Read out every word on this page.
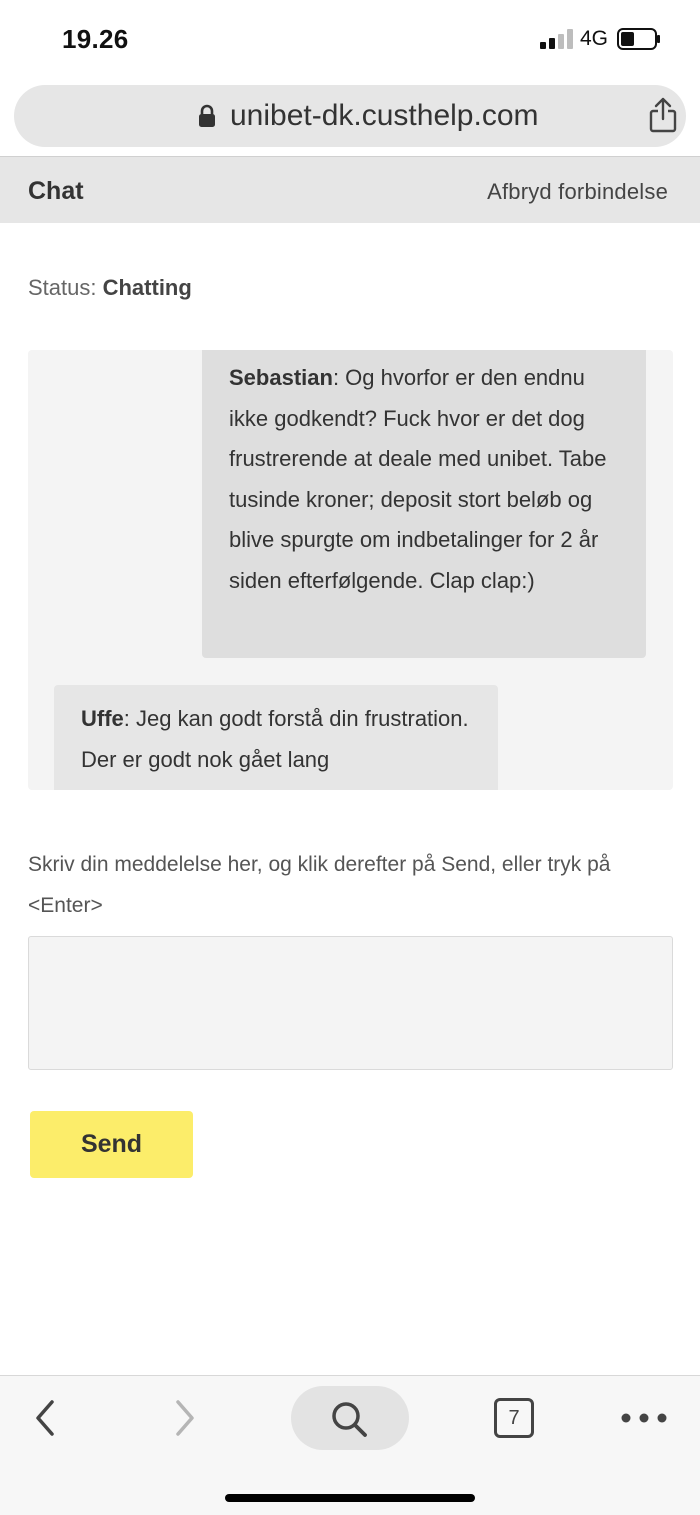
19.26	4G
unibet-dk.custhelp.com
Chat	Afbryd forbindelse
Status: Chatting
Sebastian: Og hvorfor er den endnu ikke godkendt? Fuck hvor er det dog frustrerende at deale med unibet. Tabe tusinde kroner; deposit stort beløb og blive spurgte om indbetalinger for 2 år siden efterfølgende. Clap clap:)
Uffe: Jeg kan godt forstå din frustration. Der er godt nok gået lang
Skriv din meddelelse her, og klik derefter på Send, eller tryk på <Enter>
Send
7
